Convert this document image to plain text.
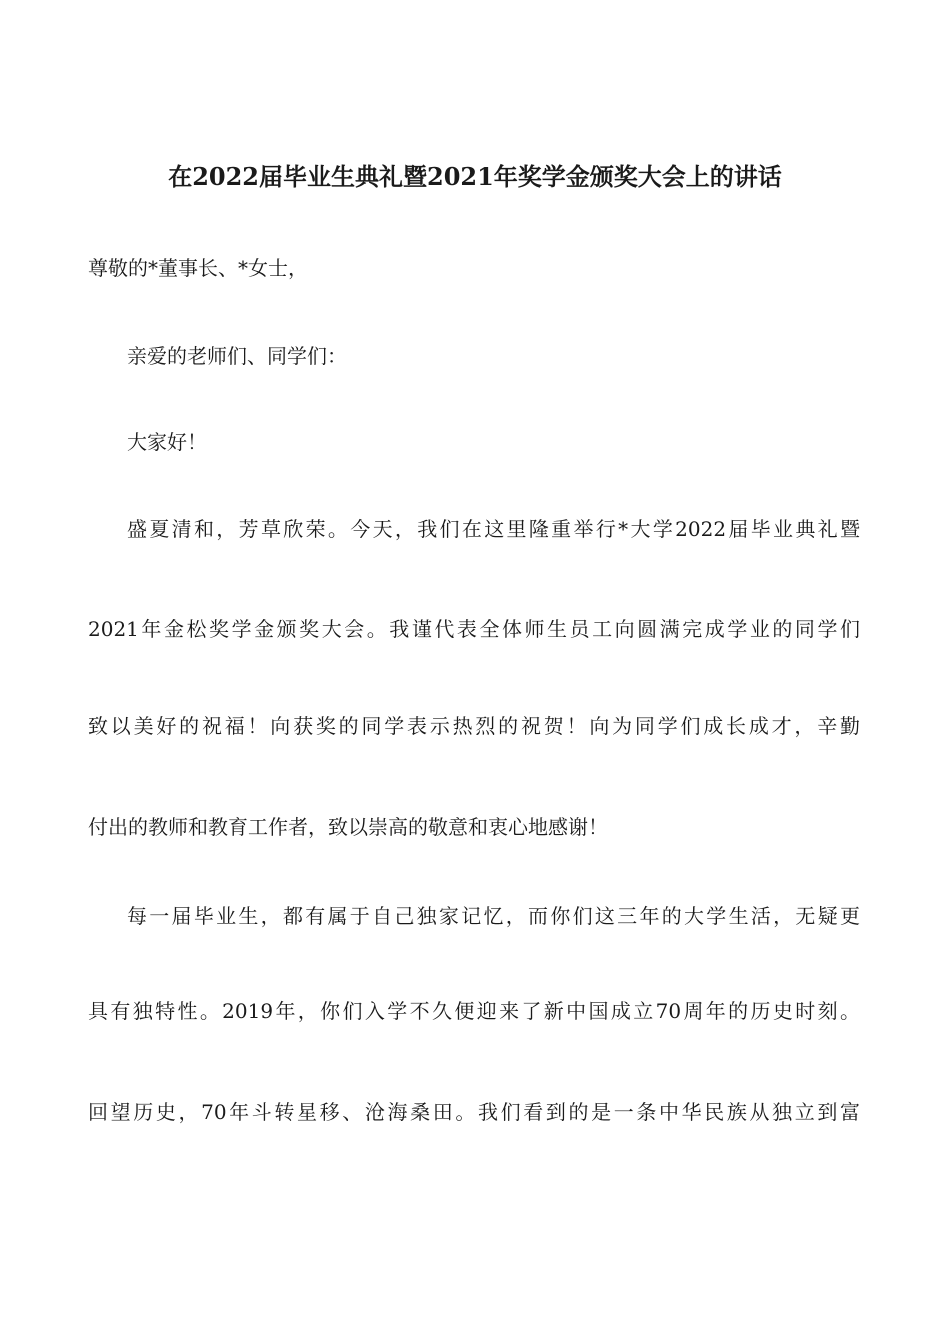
在2022届毕业生典礼暨2021年奖学金颁奖大会上的讲话
尊敬的*董事长、*女士，
亲爱的老师们、同学们：
大家好！
盛夏清和，芳草欣荣。今天，我们在这里隆重举行*大学2022届毕业典礼暨
2021年金松奖学金颁奖大会。我谨代表全体师生员工向圆满完成学业的同学们
致以美好的祝福！向获奖的同学表示热烈的祝贺！向为同学们成长成才，辛勤
付出的教师和教育工作者，致以崇高的敬意和衷心地感谢！
每一届毕业生，都有属于自己独家记忆，而你们这三年的大学生活，无疑更
具有独特性。2019年，你们入学不久便迎来了新中国成立70周年的历史时刻。
回望历史，70年斗转星移、沧海桑田。我们看到的是一条中华民族从独立到富
